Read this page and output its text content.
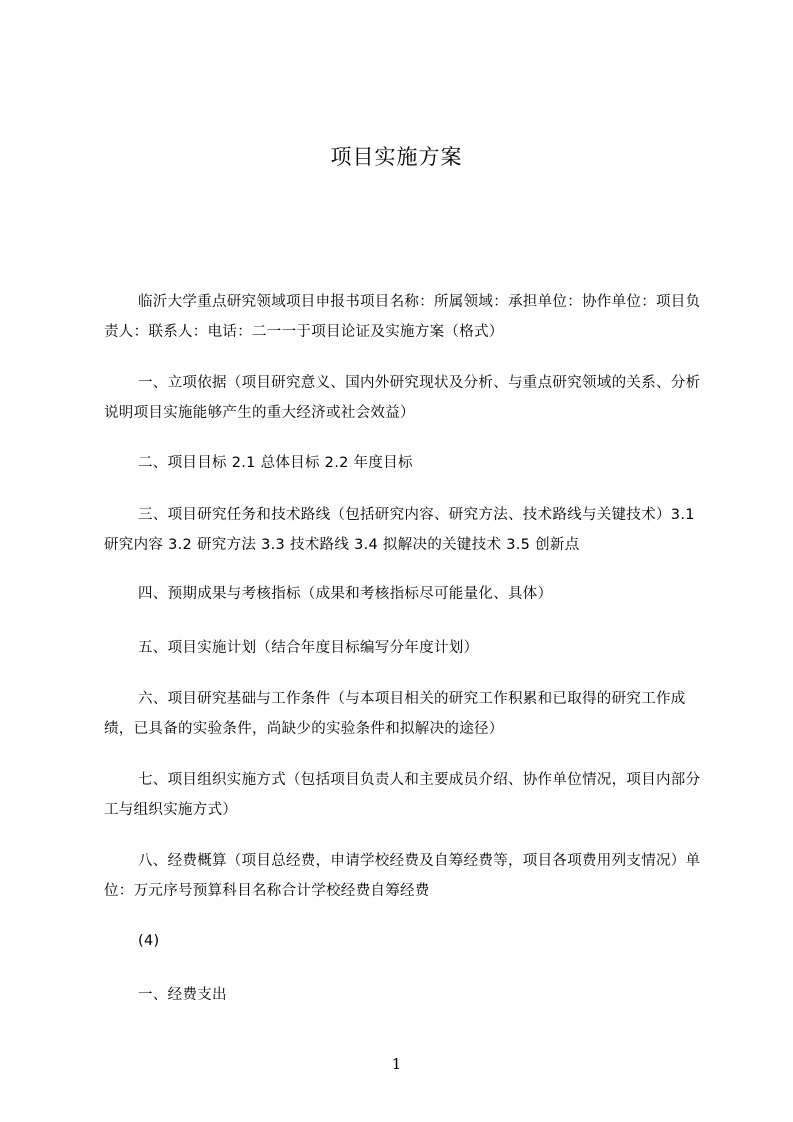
项目实施方案
临沂大学重点研究领域项目申报书项目名称：所属领域：承担单位：协作单位：项目负责人：联系人：电话：二一一于项目论证及实施方案（格式）
一、立项依据（项目研究意义、国内外研究现状及分析、与重点研究领域的关系、分析说明项目实施能够产生的重大经济或社会效益）
二、项目目标 2.1 总体目标 2.2 年度目标
三、项目研究任务和技术路线（包括研究内容、研究方法、技术路线与关键技术）3.1 研究内容 3.2 研究方法 3.3 技术路线 3.4 拟解决的关键技术 3.5 创新点
四、预期成果与考核指标（成果和考核指标尽可能量化、具体）
五、项目实施计划（结合年度目标编写分年度计划）
六、项目研究基础与工作条件（与本项目相关的研究工作积累和已取得的研究工作成绩，已具备的实验条件，尚缺少的实验条件和拟解决的途径）
七、项目组织实施方式（包括项目负责人和主要成员介绍、协作单位情况，项目内部分工与组织实施方式）
八、经费概算（项目总经费，申请学校经费及自筹经费等，项目各项费用列支情况）单位：万元序号预算科目名称合计学校经费自筹经费
(4)
一、经费支出
1
